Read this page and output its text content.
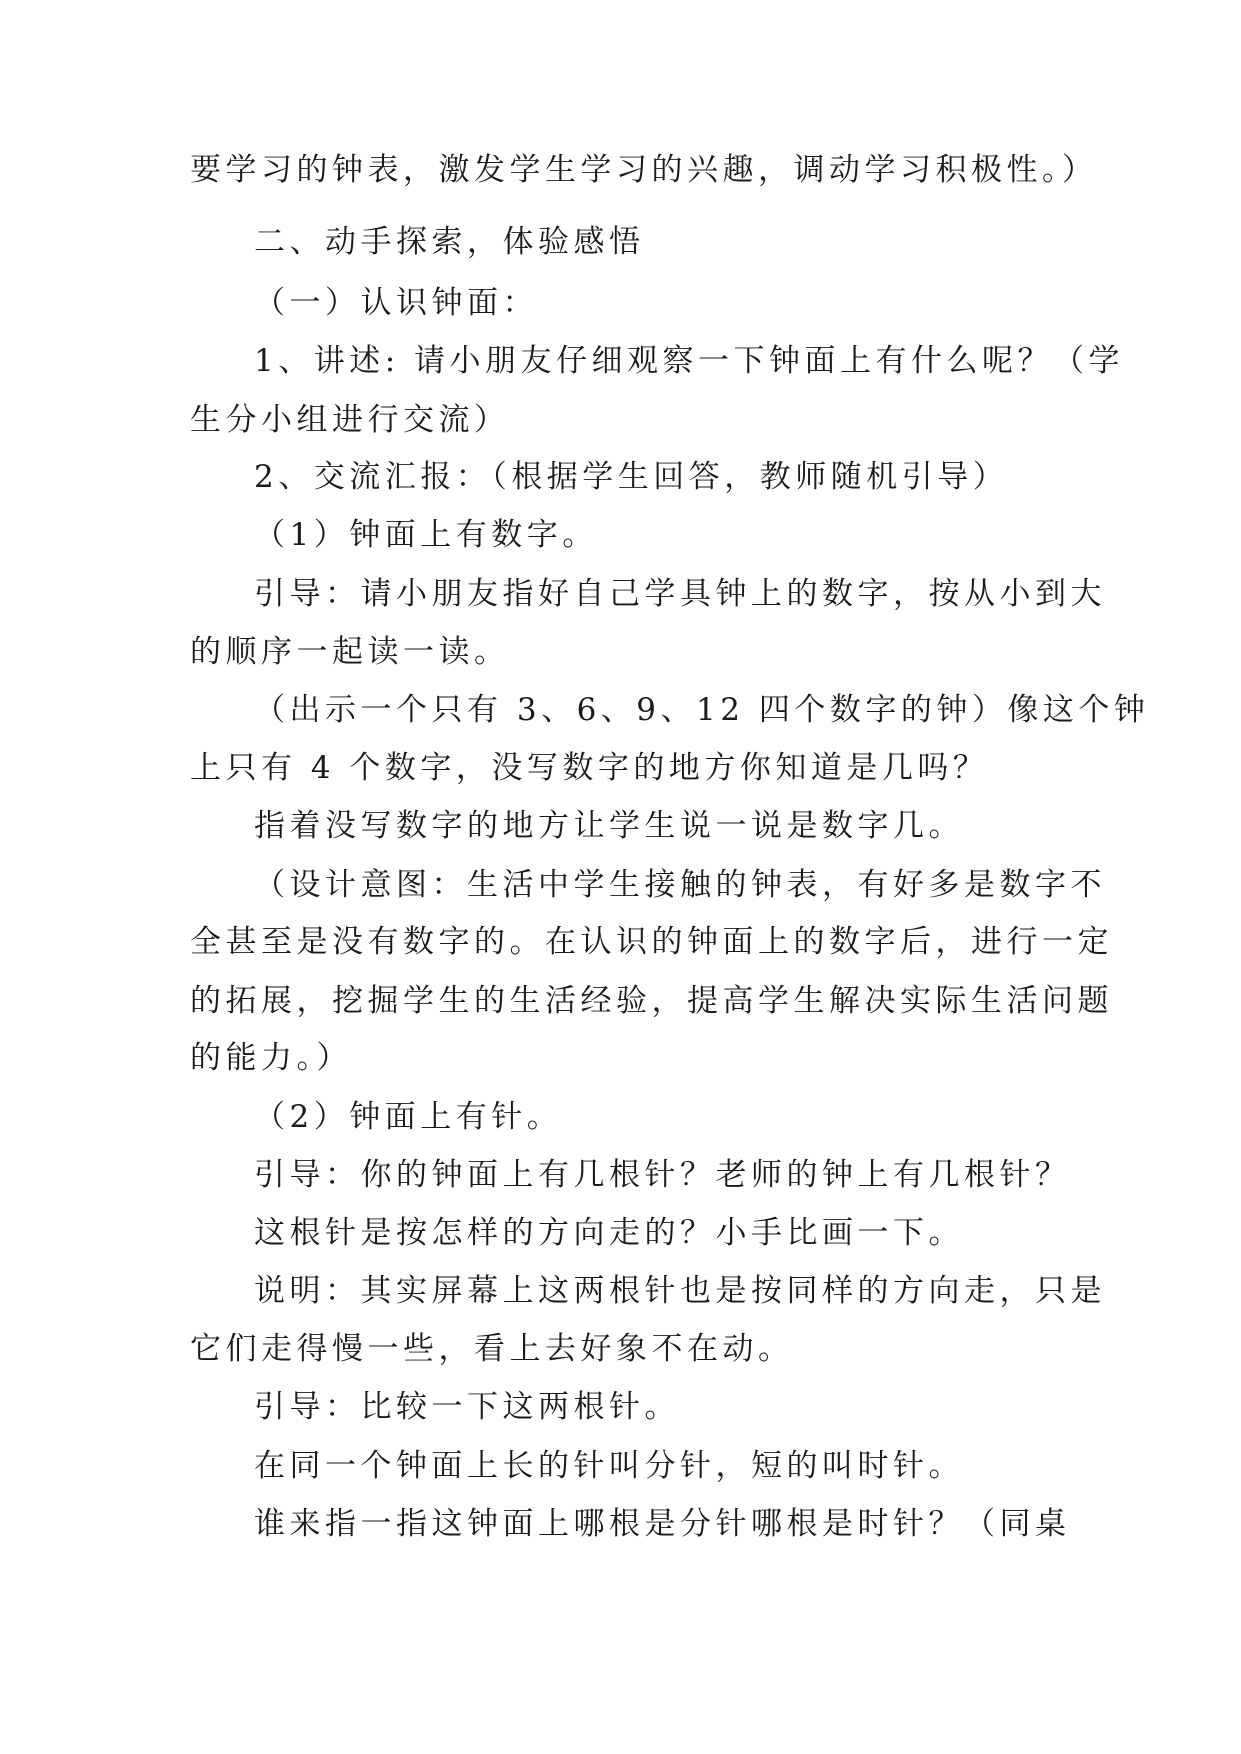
要学习的钟表，激发学生学习的兴趣，调动学习积极性。）
二、动手探索，体验感悟
（一）认识钟面：
1、讲述: 请小朋友仔细观察一下钟面上有什么呢？（学
生分小组进行交流）
2、交流汇报：（根据学生回答，教师随机引导）
（1）钟面上有数字。
引导：请小朋友指好自己学具钟上的数字，按从小到大
的顺序一起读一读。
（出示一个只有 3、6、9、12 四个数字的钟）像这个钟
上只有 4 个数字，没写数字的地方你知道是几吗？
指着没写数字的地方让学生说一说是数字几。
（设计意图：生活中学生接触的钟表，有好多是数字不
全甚至是没有数字的。在认识的钟面上的数字后，进行一定
的拓展，挖掘学生的生活经验，提高学生解决实际生活问题
的能力。）
（2）钟面上有针。
引导：你的钟面上有几根针？老师的钟上有几根针？
这根针是按怎样的方向走的？小手比画一下。
说明：其实屏幕上这两根针也是按同样的方向走，只是
它们走得慢一些，看上去好象不在动。
引导：比较一下这两根针。
在同一个钟面上长的针叫分针，短的叫时针。
谁来指一指这钟面上哪根是分针哪根是时针？（同桌
